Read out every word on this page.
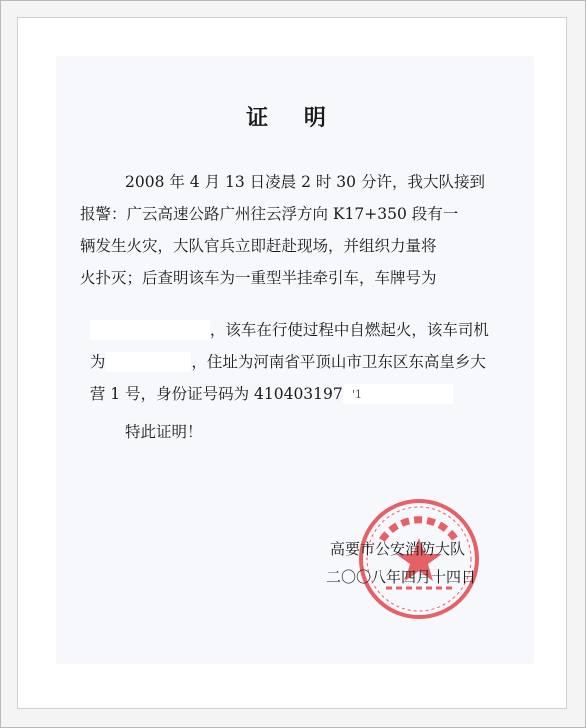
证 明
2008 年 4 月 13 日凌晨 2 时 30 分许，我大队接到
报警：广云高速公路广州往云浮方向 K17+350 段有一
辆发生火灾，大队官兵立即赶赴现场，并组织力量将
火扑灭；后查明该车为一重型半挂牵引车，车牌号为

，该车在行使过程中自燃起火，该车司机

为	，住址为河南省平顶山市卫东区东高皇乡大

营 1 号，身份证号码为 410403197 '1
特此证明！
高要市公安消防大队
二〇〇八年四月十四日
